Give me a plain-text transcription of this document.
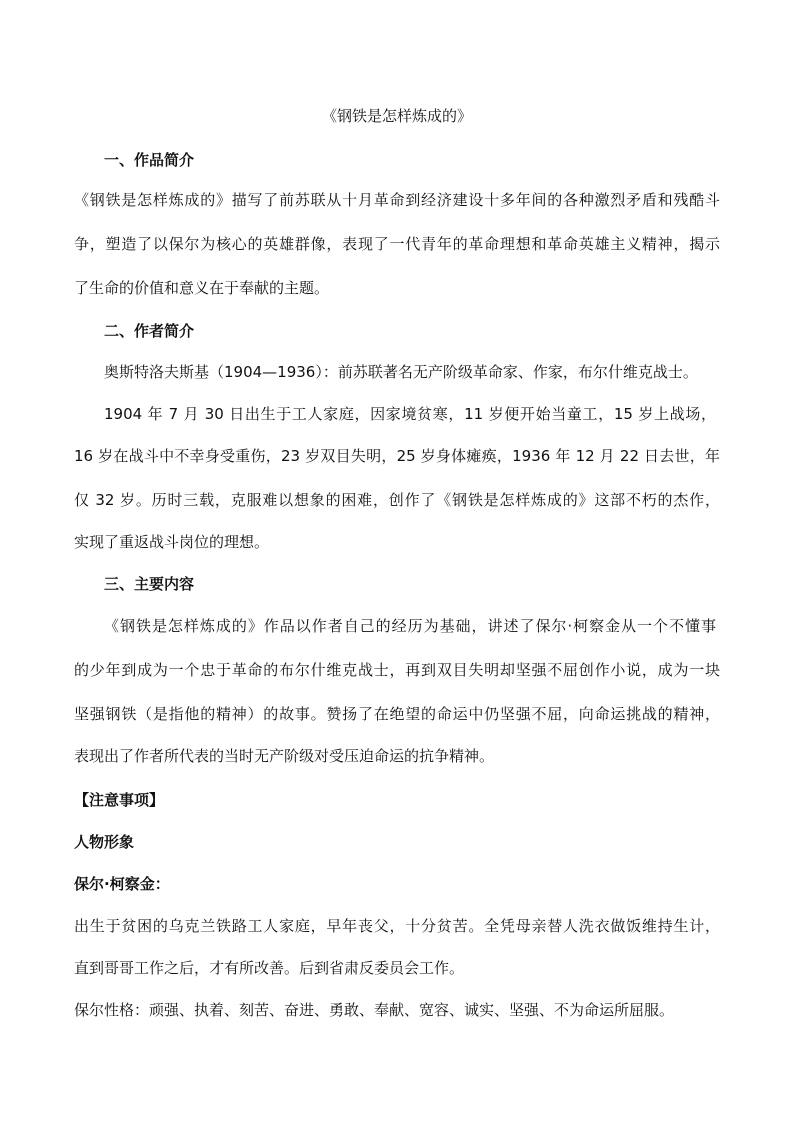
《钢铁是怎样炼成的》
一、作品简介
《钢铁是怎样炼成的》描写了前苏联从十月革命到经济建设十多年间的各种激烈矛盾和残酷斗
争，塑造了以保尔为核心的英雄群像，表现了一代青年的革命理想和革命英雄主义精神，揭示
了生命的价值和意义在于奉献的主题。
二、作者简介
奥斯特洛夫斯基（1904—1936）：前苏联著名无产阶级革命家、作家，布尔什维克战士。
1904 年 7 月 30 日出生于工人家庭，因家境贫寒，11 岁便开始当童工，15 岁上战场，
16 岁在战斗中不幸身受重伤，23 岁双目失明，25 岁身体瘫痪，1936 年 12 月 22 日去世，年
仅 32 岁。历时三载，克服难以想象的困难，创作了《钢铁是怎样炼成的》这部不朽的杰作，
实现了重返战斗岗位的理想。
三、主要内容
《钢铁是怎样炼成的》作品以作者自己的经历为基础，讲述了保尔·柯察金从一个不懂事
的少年到成为一个忠于革命的布尔什维克战士，再到双目失明却坚强不屈创作小说，成为一块
坚强钢铁（是指他的精神）的故事。赞扬了在绝望的命运中仍坚强不屈，向命运挑战的精神，
表现出了作者所代表的当时无产阶级对受压迫命运的抗争精神。
【注意事项】
人物形象
保尔·柯察金：
出生于贫困的乌克兰铁路工人家庭，早年丧父，十分贫苦。全凭母亲替人洗衣做饭维持生计，
直到哥哥工作之后，才有所改善。后到省肃反委员会工作。
保尔性格：顽强、执着、刻苦、奋进、勇敢、奉献、宽容、诚实、坚强、不为命运所屈服。
